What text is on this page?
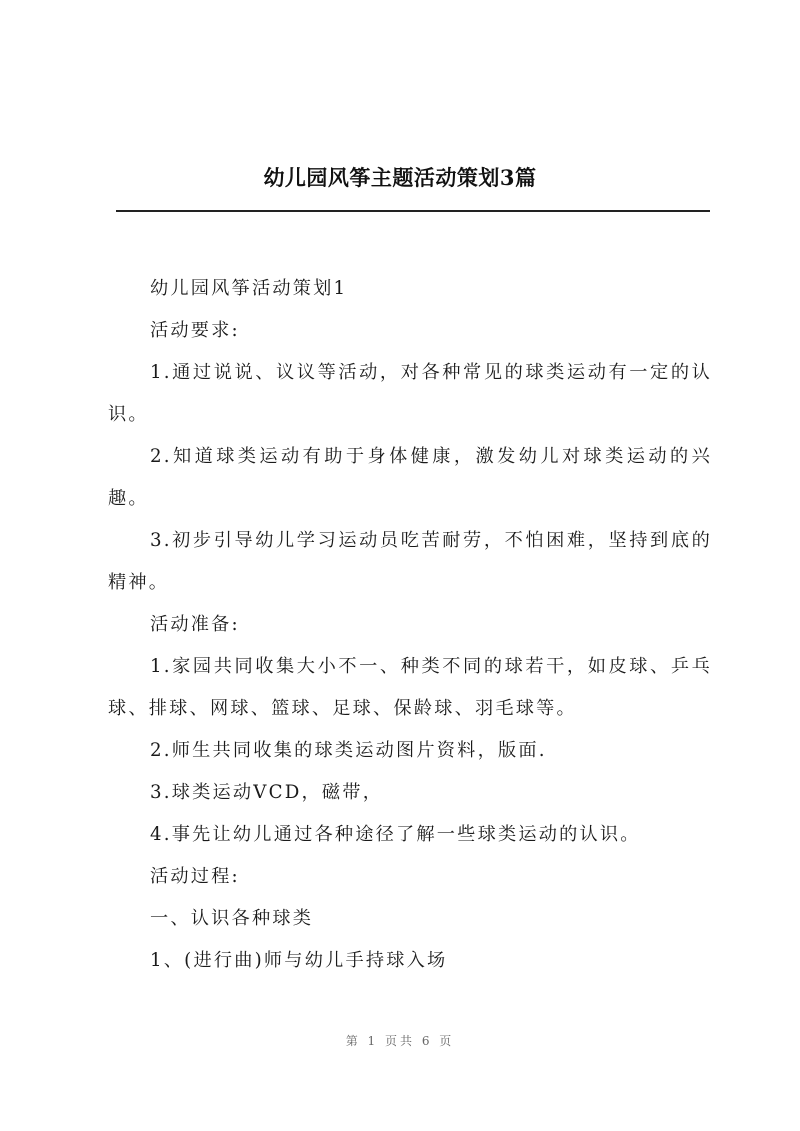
幼儿园风筝主题活动策划3篇

幼儿园风筝活动策划1

活动要求:

1.通过说说、议议等活动，对各种常见的球类运动有一定的认识。

2.知道球类运动有助于身体健康，激发幼儿对球类运动的兴趣。

3.初步引导幼儿学习运动员吃苦耐劳，不怕困难，坚持到底的精神。

活动准备:

1.家园共同收集大小不一、种类不同的球若干，如皮球、乒乓球、排球、网球、篮球、足球、保龄球、羽毛球等。

2.师生共同收集的球类运动图片资料，版面.

3.球类运动VCD，磁带，

4.事先让幼儿通过各种途径了解一些球类运动的认识。

活动过程:

一、认识各种球类

1、(进行曲)师与幼儿手持球入场

第 1 页共 6 页
